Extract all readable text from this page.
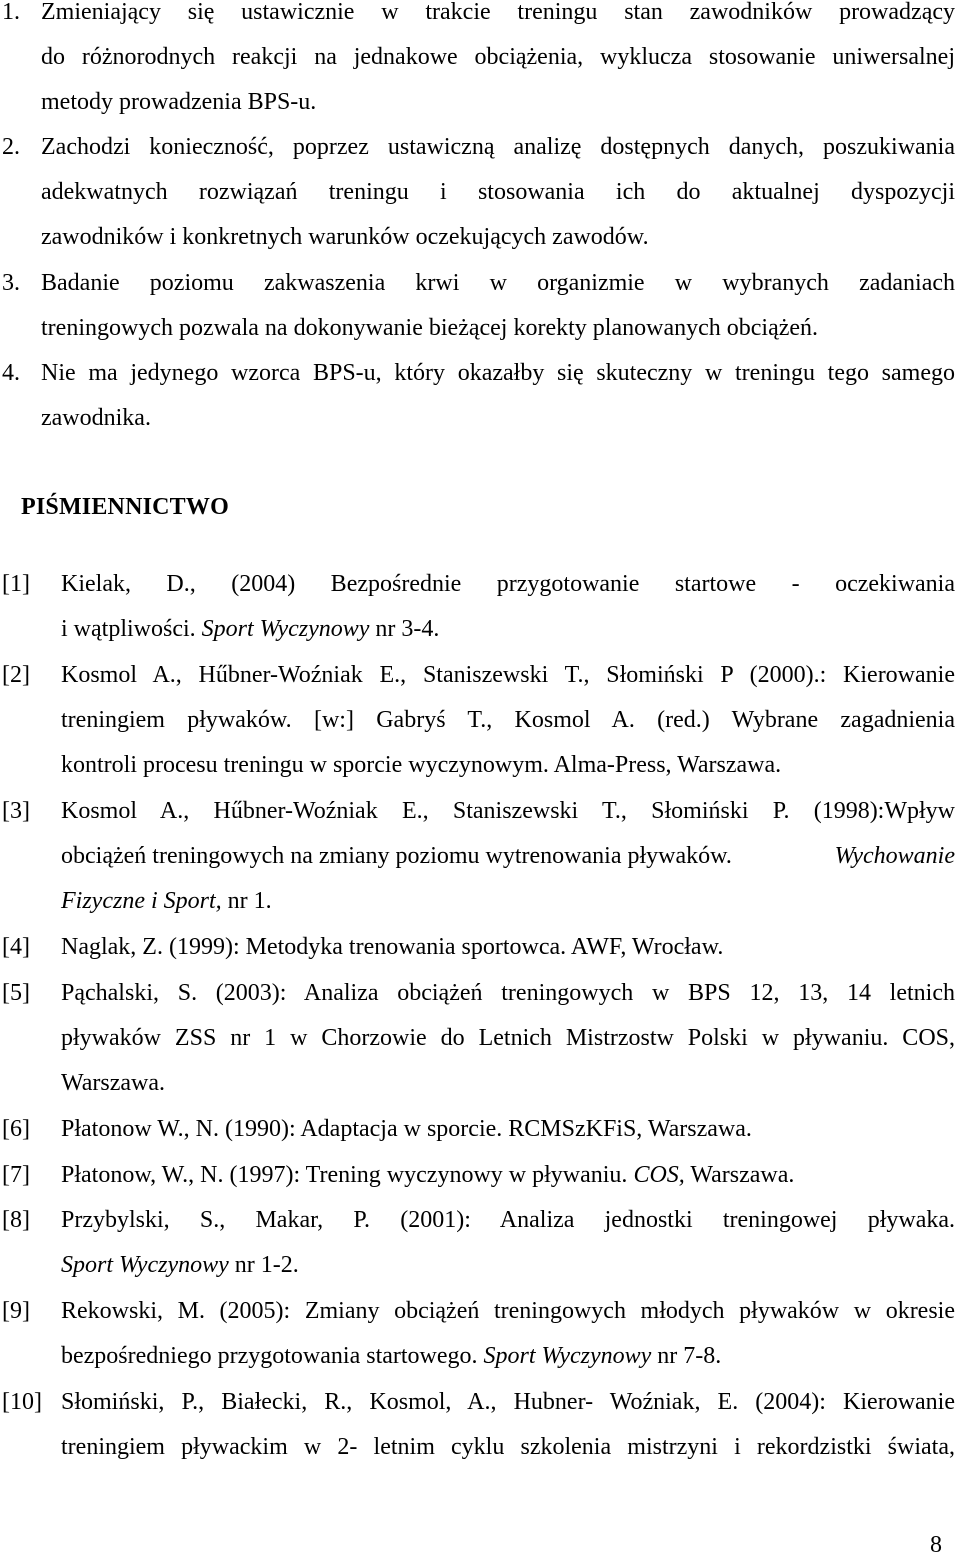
1. Zmieniający się ustawicznie w trakcie treningu stan zawodników prowadzący
do różnorodnych reakcji na jednakowe obciążenia, wyklucza stosowanie uniwersalnej
metody prowadzenia BPS-u.
2. Zachodzi konieczność, poprzez ustawiczną analizę dostępnych danych, poszukiwania
adekwatnych rozwiązań treningu i stosowania ich do aktualnej dyspozycji
zawodników i konkretnych warunków oczekujących zawodów.
3. Badanie poziomu zakwaszenia krwi w organizmie w wybranych zadaniach
treningowych pozwala na dokonywanie bieżącej korekty planowanych obciążeń.
4. Nie ma jedynego wzorca BPS-u, który okazałby się skuteczny w treningu tego samego
zawodnika.
PIŚMIENNICTWO
[1] Kielak, D., (2004) Bezpośrednie przygotowanie startowe - oczekiwania
i wątpliwości. Sport Wyczynowy nr 3-4.
[2] Kosmol A., Hűbner-Woźniak E., Staniszewski T., Słomiński P (2000).: Kierowanie
treningiem pływaków. [w:] Gabryś T., Kosmol A. (red.) Wybrane zagadnienia
kontroli procesu treningu w sporcie wyczynowym. Alma-Press, Warszawa.
[3] Kosmol A., Hűbner-Woźniak E., Staniszewski T., Słomiński P. (1998):Wpływ
obciążeń treningowych na zmiany poziomu wytrenowania pływaków.	Wychowanie
Fizyczne i Sport, nr 1.
[4] Naglak, Z. (1999): Metodyka trenowania sportowca. AWF, Wrocław.
[5] Pąchalski, S. (2003): Analiza obciążeń treningowych w BPS 12, 13, 14 letnich
pływaków ZSS nr 1 w Chorzowie do Letnich Mistrzostw Polski w pływaniu. COS,
Warszawa.
[6] Płatonow W., N. (1990): Adaptacja w sporcie. RCMSzKFiS, Warszawa.
[7] Płatonow, W., N. (1997): Trening wyczynowy w pływaniu. COS, Warszawa.
[8] Przybylski, S., Makar, P. (2001): Analiza jednostki treningowej pływaka.
Sport Wyczynowy nr 1-2.
[9] Rekowski, M. (2005): Zmiany obciążeń treningowych młodych pływaków w okresie
bezpośredniego przygotowania startowego. Sport Wyczynowy nr 7-8.
[10] Słomiński, P., Białecki, R., Kosmol, A., Hubner- Woźniak, E. (2004): Kierowanie
treningiem pływackim w 2- letnim cyklu szkolenia mistrzyni i rekordzistki świata,
8
